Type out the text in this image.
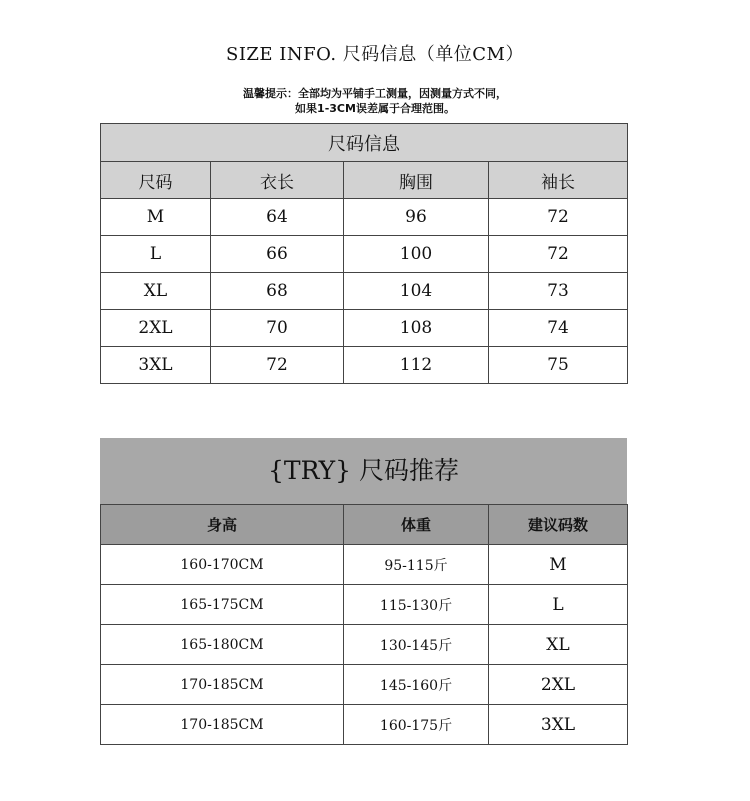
SIZE INFO. 尺码信息（单位CM）
温馨提示：全部均为平铺手工测量，因测量方式不同，
如果1-3CM误差属于合理范围。
尺码信息			
尺码	衣长	胸围	袖长
M	64	96	72
L	66	100	72
XL	68	104	73
2XL	70	108	74
3XL	72	112	75
{TRY} 尺码推荐
身高	体重	建议码数
160-170CM	95-115斤	M
165-175CM	115-130斤	L
165-180CM	130-145斤	XL
170-185CM	145-160斤	2XL
170-185CM	160-175斤	3XL
